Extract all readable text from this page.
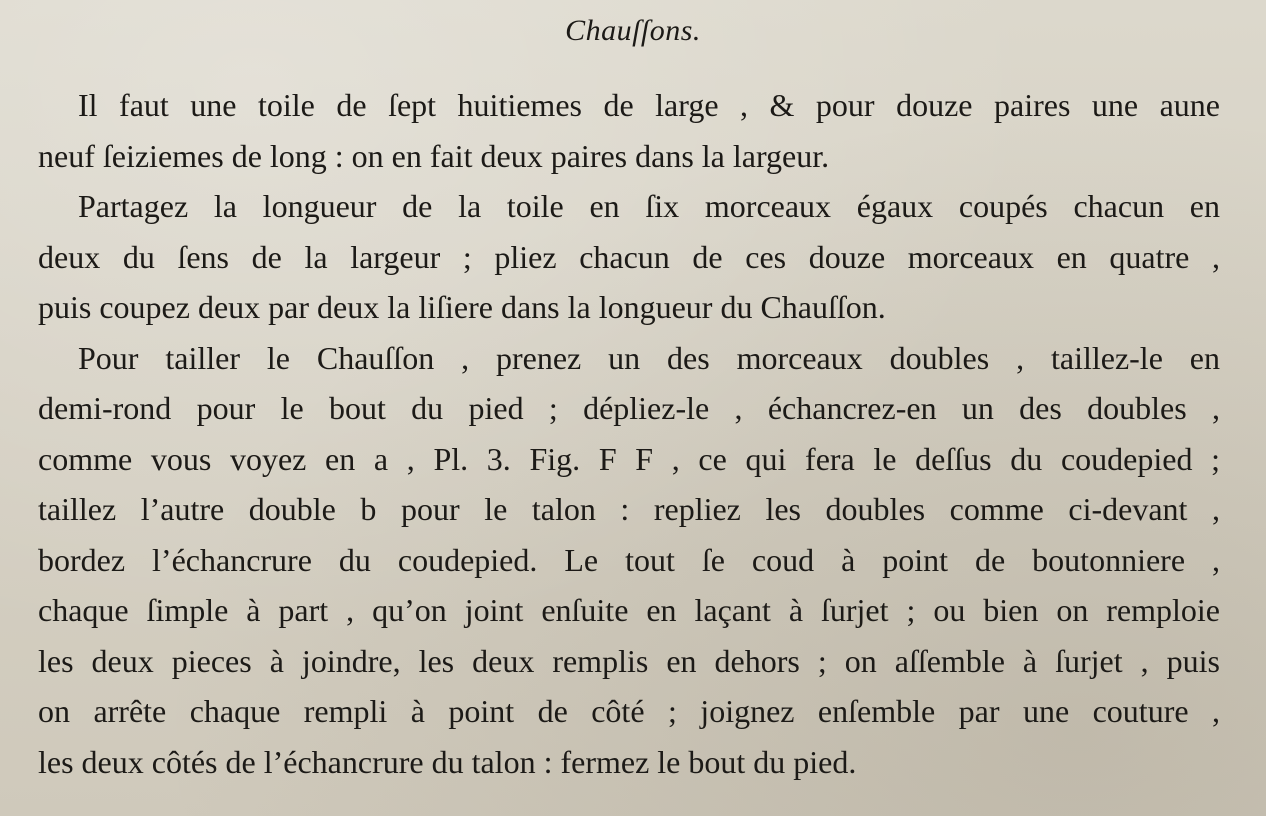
Chauſſons.
Il faut une toile de ſept huitiemes de large , & pour douze paires une aune
neuf ſeiziemes de long : on en fait deux paires dans la largeur.
Partagez la longueur de la toile en ſix morceaux égaux coupés chacun en
deux du ſens de la largeur ; pliez chacun de ces douze morceaux en quatre ,
puis coupez deux par deux la liſiere dans la longueur du Chauſſon.
Pour tailler le Chauſſon , prenez un des morceaux doubles , taillez-le en
demi-rond pour le bout du pied ; dépliez-le , échancrez-en un des doubles ,
comme vous voyez en a , Pl. 3. Fig. F F , ce qui fera le deſſus du coudepied ;
taillez l’autre double b pour le talon : repliez les doubles comme ci-devant ,
bordez l’échancrure du coudepied. Le tout ſe coud à point de boutonniere ,
chaque ſimple à part , qu’on joint enſuite en laçant à ſurjet ; ou bien on remploie
les deux pieces à joindre, les deux remplis en dehors ; on aſſemble à ſurjet , puis
on arrête chaque rempli à point de côté ; joignez enſemble par une couture ,
les deux côtés de l’échancrure du talon : fermez le bout du pied.
